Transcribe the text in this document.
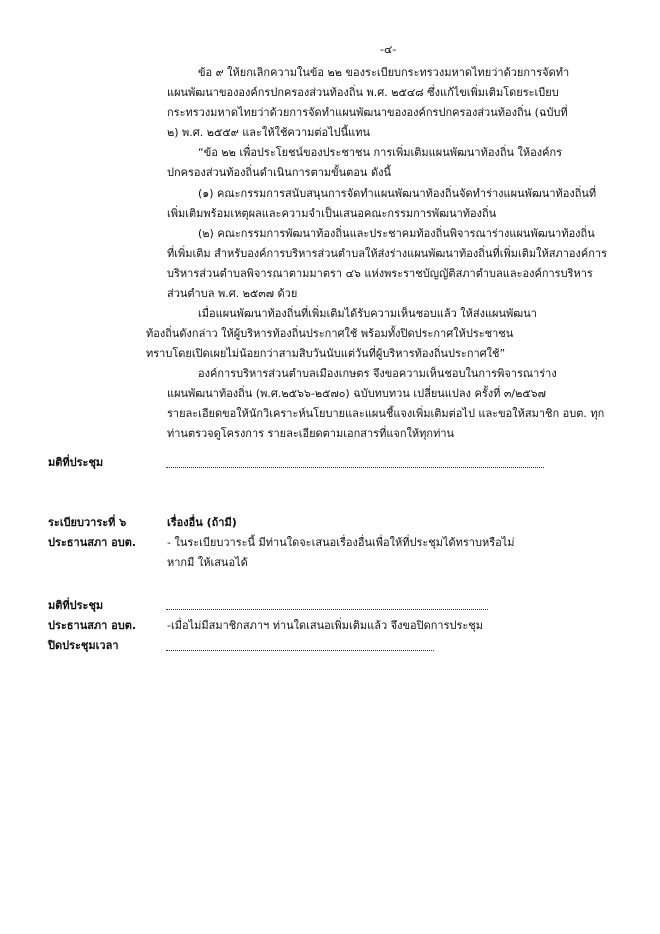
-๔-
ข้อ ๙ ให้ยกเลิกความในข้อ ๒๒ ของระเบียบกระทรวงมหาดไทยว่าด้วยการจัดทำ
แผนพัฒนาขององค์กรปกครองส่วนท้องถิ่น พ.ศ. ๒๕๔๘ ซึ่งแก้ไขเพิ่มเติมโดยระเบียบ
กระทรวงมหาดไทยว่าด้วยการจัดทำแผนพัฒนาขององค์กรปกครองส่วนท้องถิ่น (ฉบับที่
๒) พ.ศ. ๒๕๕๙ และให้ใช้ความต่อไปนี้แทน
“ข้อ ๒๒ เพื่อประโยชน์ของประชาชน การเพิ่มเติมแผนพัฒนาท้องถิ่น ให้องค์กร
ปกครองส่วนท้องถิ่นดำเนินการตามขั้นตอน ดังนี้
(๑) คณะกรรมการสนับสนุนการจัดทำแผนพัฒนาท้องถิ่นจัดทำร่างแผนพัฒนาท้องถิ่นที่
เพิ่มเติมพร้อมเหตุผลและความจำเป็นเสนอคณะกรรมการพัฒนาท้องถิ่น
(๒) คณะกรรมการพัฒนาท้องถิ่นและประชาคมท้องถิ่นพิจารณาร่างแผนพัฒนาท้องถิ่น
ที่เพิ่มเติม สำหรับองค์การบริหารส่วนตำบลให้ส่งร่างแผนพัฒนาท้องถิ่นที่เพิ่มเติมให้สภาองค์การ
บริหารส่วนตำบลพิจารณาตามมาตรา ๔๖ แห่งพระราชบัญญัติสภาตำบลและองค์การบริหาร
ส่วนตำบล พ.ศ. ๒๕๓๗ ด้วย
เมื่อแผนพัฒนาท้องถิ่นที่เพิ่มเติมได้รับความเห็นชอบแล้ว ให้ส่งแผนพัฒนา
ท้องถิ่นดังกล่าว ให้ผู้บริหารท้องถิ่นประกาศใช้ พร้อมทั้งปิดประกาศให้ประชาชน
ทราบโดยเปิดเผยไม่น้อยกว่าสามสิบวันนับแต่วันที่ผู้บริหารท้องถิ่นประกาศใช้”
องค์การบริหารส่วนตำบลเมืองเกษตร จึงขอความเห็นชอบในการพิจารณาร่าง
แผนพัฒนาท้องถิ่น (พ.ศ.๒๕๖๖-๒๕๗๐) ฉบับทบทวน เปลี่ยนแปลง ครั้งที่ ๓/๒๕๖๗
รายละเอียดขอให้นักวิเคราะห์นโยบายและแผนชี้แจงเพิ่มเติมต่อไป และขอให้สมาชิก อบต. ทุก
ท่านตรวจดูโครงการ รายละเอียดตามเอกสารที่แจกให้ทุกท่าน
มติที่ประชุม
ระเบียบวาระที่ ๖
ประธานสภา อบต.
เรื่องอื่น (ถ้ามี)
- ในระเบียบวาระนี้ มีท่านใดจะเสนอเรื่องอื่นเพื่อให้ที่ประชุมได้ทราบหรือไม่
หากมี ให้เสนอได้
มติที่ประชุม
ประธานสภา อบต.	-เมื่อไม่มีสมาชิกสภาฯ ท่านใดเสนอเพิ่มเติมแล้ว จึงขอปิดการประชุม
ปิดประชุมเวลา
